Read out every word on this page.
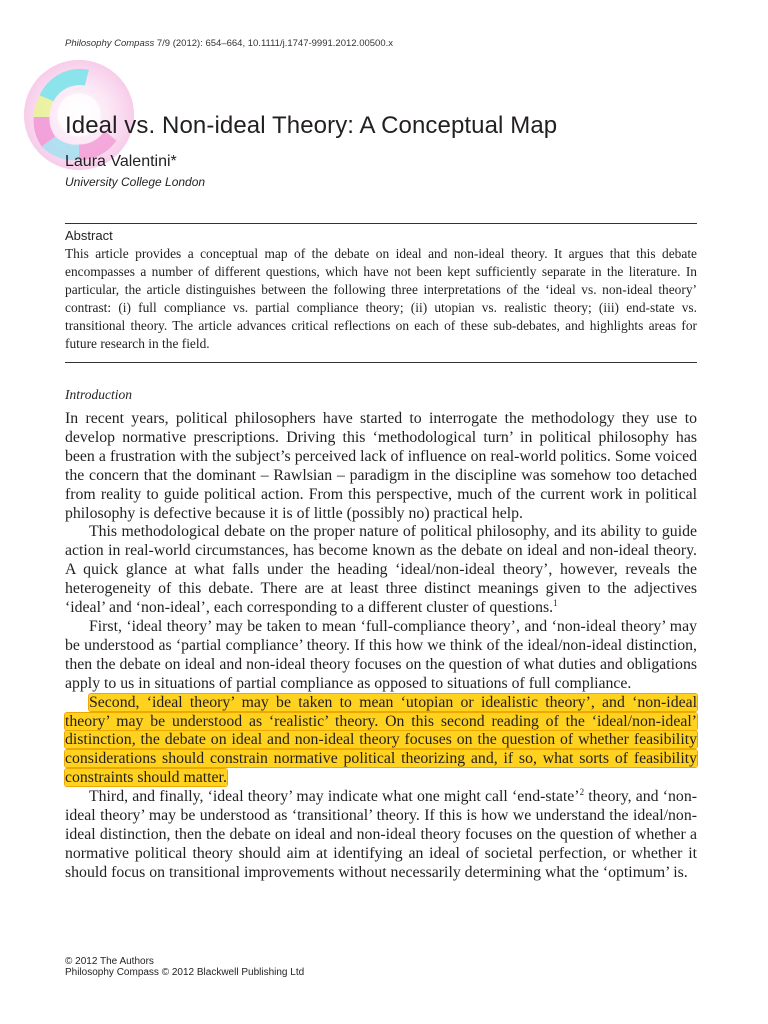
Philosophy Compass 7/9 (2012): 654–664, 10.1111/j.1747-9991.2012.00500.x
Ideal vs. Non-ideal Theory: A Conceptual Map
Laura Valentini*
University College London
Abstract
This article provides a conceptual map of the debate on ideal and non-ideal theory. It argues that this debate encompasses a number of different questions, which have not been kept sufficiently separate in the literature. In particular, the article distinguishes between the following three interpretations of the ‘ideal vs. non-ideal theory’ contrast: (i) full compliance vs. partial compliance theory; (ii) utopian vs. realistic theory; (iii) end-state vs. transitional theory. The article advances critical reflections on each of these sub-debates, and highlights areas for future research in the field.
Introduction

In recent years, political philosophers have started to interrogate the methodology they use to develop normative prescriptions. Driving this ‘methodological turn’ in political philosophy has been a frustration with the subject’s perceived lack of influence on real-world politics. Some voiced the concern that the dominant – Rawlsian – paradigm in the discipline was somehow too detached from reality to guide political action. From this perspective, much of the current work in political philosophy is defective because it is of little (possibly no) practical help.

This methodological debate on the proper nature of political philosophy, and its ability to guide action in real-world circumstances, has become known as the debate on ideal and non-ideal theory. A quick glance at what falls under the heading ‘ideal/non-ideal theory’, however, reveals the heterogeneity of this debate. There are at least three distinct meanings given to the adjectives ‘ideal’ and ‘non-ideal’, each corresponding to a different cluster of questions.$^1$

First, ‘ideal theory’ may be taken to mean ‘full-compliance theory’, and ‘non-ideal theory’ may be understood as ‘partial compliance’ theory. If this how we think of the ideal/non-ideal distinction, then the debate on ideal and non-ideal theory focuses on the question of what duties and obligations apply to us in situations of partial compliance as opposed to situations of full compliance.

Second, ‘ideal theory’ may be taken to mean ‘utopian or idealistic theory’, and ‘non-ideal theory’ may be understood as ‘realistic’ theory. On this second reading of the ‘ideal/non-ideal’ distinction, the debate on ideal and non-ideal theory focuses on the question of whether feasibility considerations should constrain normative political theorizing and, if so, what sorts of feasibility constraints should matter.

Third, and finally, ‘ideal theory’ may indicate what one might call ‘end-state’$^2$ theory, and ‘non-ideal theory’ may be understood as ‘transitional’ theory. If this is how we understand the ideal/non-ideal distinction, then the debate on ideal and non-ideal theory focuses on the question of whether a normative political theory should aim at identifying an ideal of societal perfection, or whether it should focus on transitional improvements without necessarily determining what the ‘optimum’ is.

© 2012 The Authors
Philosophy Compass © 2012 Blackwell Publishing Ltd
